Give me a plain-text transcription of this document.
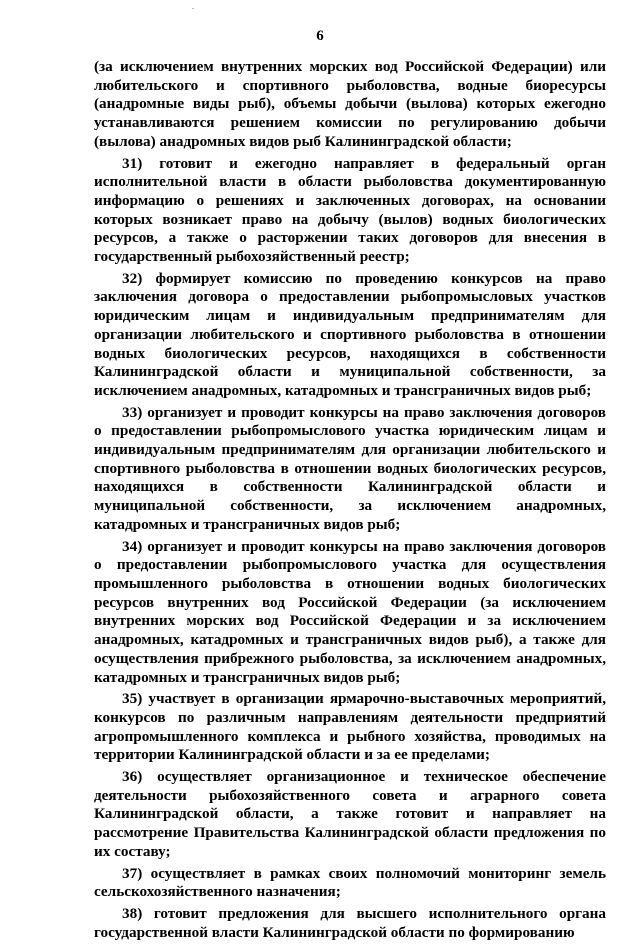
6

(за исключением внутренних морских вод Российской Федерации) или любительского и спортивного рыболовства, водные биоресурсы (анадромные виды рыб), объемы добычи (вылова) которых ежегодно устанавливаются решением комиссии по регулированию добычи (вылова) анадромных видов рыб Калининградской области;

31) готовит и ежегодно направляет в федеральный орган исполнительной власти в области рыболовства документированную информацию о решениях и заключенных договорах, на основании которых возникает право на добычу (вылов) водных биологических ресурсов, а также о расторжении таких договоров для внесения в государственный рыбохозяйственный реестр;

32) формирует комиссию по проведению конкурсов на право заключения договора о предоставлении рыбопромысловых участков юридическим лицам и индивидуальным предпринимателям для организации любительского и спортивного рыболовства в отношении водных биологических ресурсов, находящихся в собственности Калининградской области и муниципальной собственности, за исключением анадромных, катадромных и трансграничных видов рыб;

33) организует и проводит конкурсы на право заключения договоров о предоставлении рыбопромыслового участка юридическим лицам и индивидуальным предпринимателям для организации любительского и спортивного рыболовства в отношении водных биологических ресурсов, находящихся в собственности Калининградской области и муниципальной собственности, за исключением анадромных, катадромных и трансграничных видов рыб;

34) организует и проводит конкурсы на право заключения договоров о предоставлении рыбопромыслового участка для осуществления промышленного рыболовства в отношении водных биологических ресурсов внутренних вод Российской Федерации (за исключением внутренних морских вод Российской Федерации и за исключением анадромных, катадромных и трансграничных видов рыб), а также для осуществления прибрежного рыболовства, за исключением анадромных, катадромных и трансграничных видов рыб;

35) участвует в организации ярмарочно-выставочных мероприятий, конкурсов по различным направлениям деятельности предприятий агропромышленного комплекса и рыбного хозяйства, проводимых на территории Калининградской области и за ее пределами;

36) осуществляет организационное и техническое обеспечение деятельности рыбохозяйственного совета и аграрного совета Калининградской области, а также готовит и направляет на рассмотрение Правительства Калининградской области предложения по их составу;

37) осуществляет в рамках своих полномочий мониторинг земель сельскохозяйственного назначения;

38) готовит предложения для высшего исполнительного органа государственной власти Калининградской области по формированию
